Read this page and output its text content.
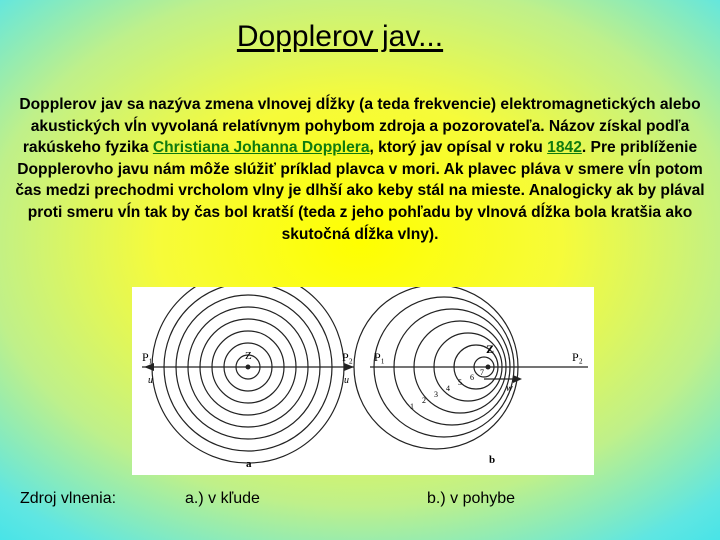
Dopplerov jav...
Dopplerov jav sa nazýva zmena vlnovej dĺžky (a teda frekvencie) elektromagnetických alebo akustických vĺn vyvolaná relatívnym pohybom zdroja a pozorovateľa. Názov získal podľa rakúskeho fyzika Christiana Johanna Dopplera, ktorý jav opísal v roku 1842. Pre priblíženie Dopplerovho javu nám môže slúžiť príklad plavca v mori. Ak plavec pláva v smere vĺn potom čas medzi prechodmi vrcholom vlny je dlhší ako keby stál na mieste. Analogicky ak by plával proti smeru vĺn tak by čas bol kratší (teda z jeho pohľadu by vlnová dĺžka bola kratšia ako skutočná dĺžka vlny).
Z
P₁	P₂
u	u
a
Z
P₁	P₂
w
1
2
3
4
5
6
7
b
Zdroj vlnenia:	a.) v kľude	b.) v pohybe
